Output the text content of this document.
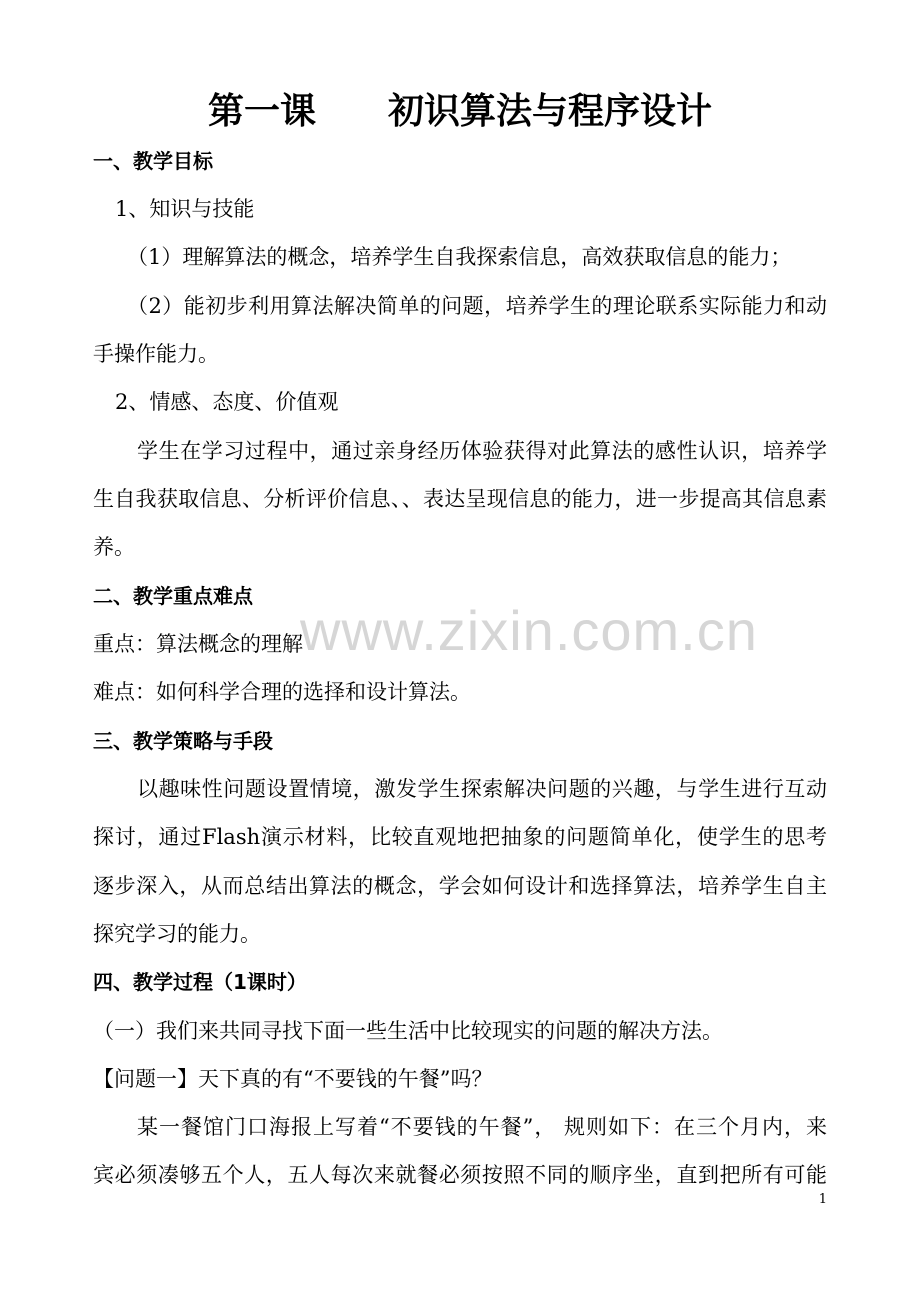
www.zixin.com.cn
第一课　　初识算法与程序设计
一、教学目标
1、知识与技能
（1）理解算法的概念，培养学生自我探索信息，高效获取信息的能力；
（2）能初步利用算法解决简单的问题，培养学生的理论联系实际能力和动
手操作能力。
2、情感、态度、价值观
学生在学习过程中，通过亲身经历体验获得对此算法的感性认识，培养学
生自我获取信息、分析评价信息、、表达呈现信息的能力，进一步提高其信息素
养。
二、教学重点难点
重点：算法概念的理解
难点：如何科学合理的选择和设计算法。
三、教学策略与手段
以趣味性问题设置情境，激发学生探索解决问题的兴趣，与学生进行互动
探讨，通过Flash演示材料，比较直观地把抽象的问题简单化，使学生的思考
逐步深入，从而总结出算法的概念，学会如何设计和选择算法，培养学生自主
探究学习的能力。
四、教学过程（1课时）
（一）我们来共同寻找下面一些生活中比较现实的问题的解决方法。
【问题一】天下真的有“不要钱的午餐”吗？
某一餐馆门口海报上写着“不要钱的午餐”， 规则如下：在三个月内，来
宾必须凑够五个人，五人每次来就餐必须按照不同的顺序坐，直到把所有可能
1
